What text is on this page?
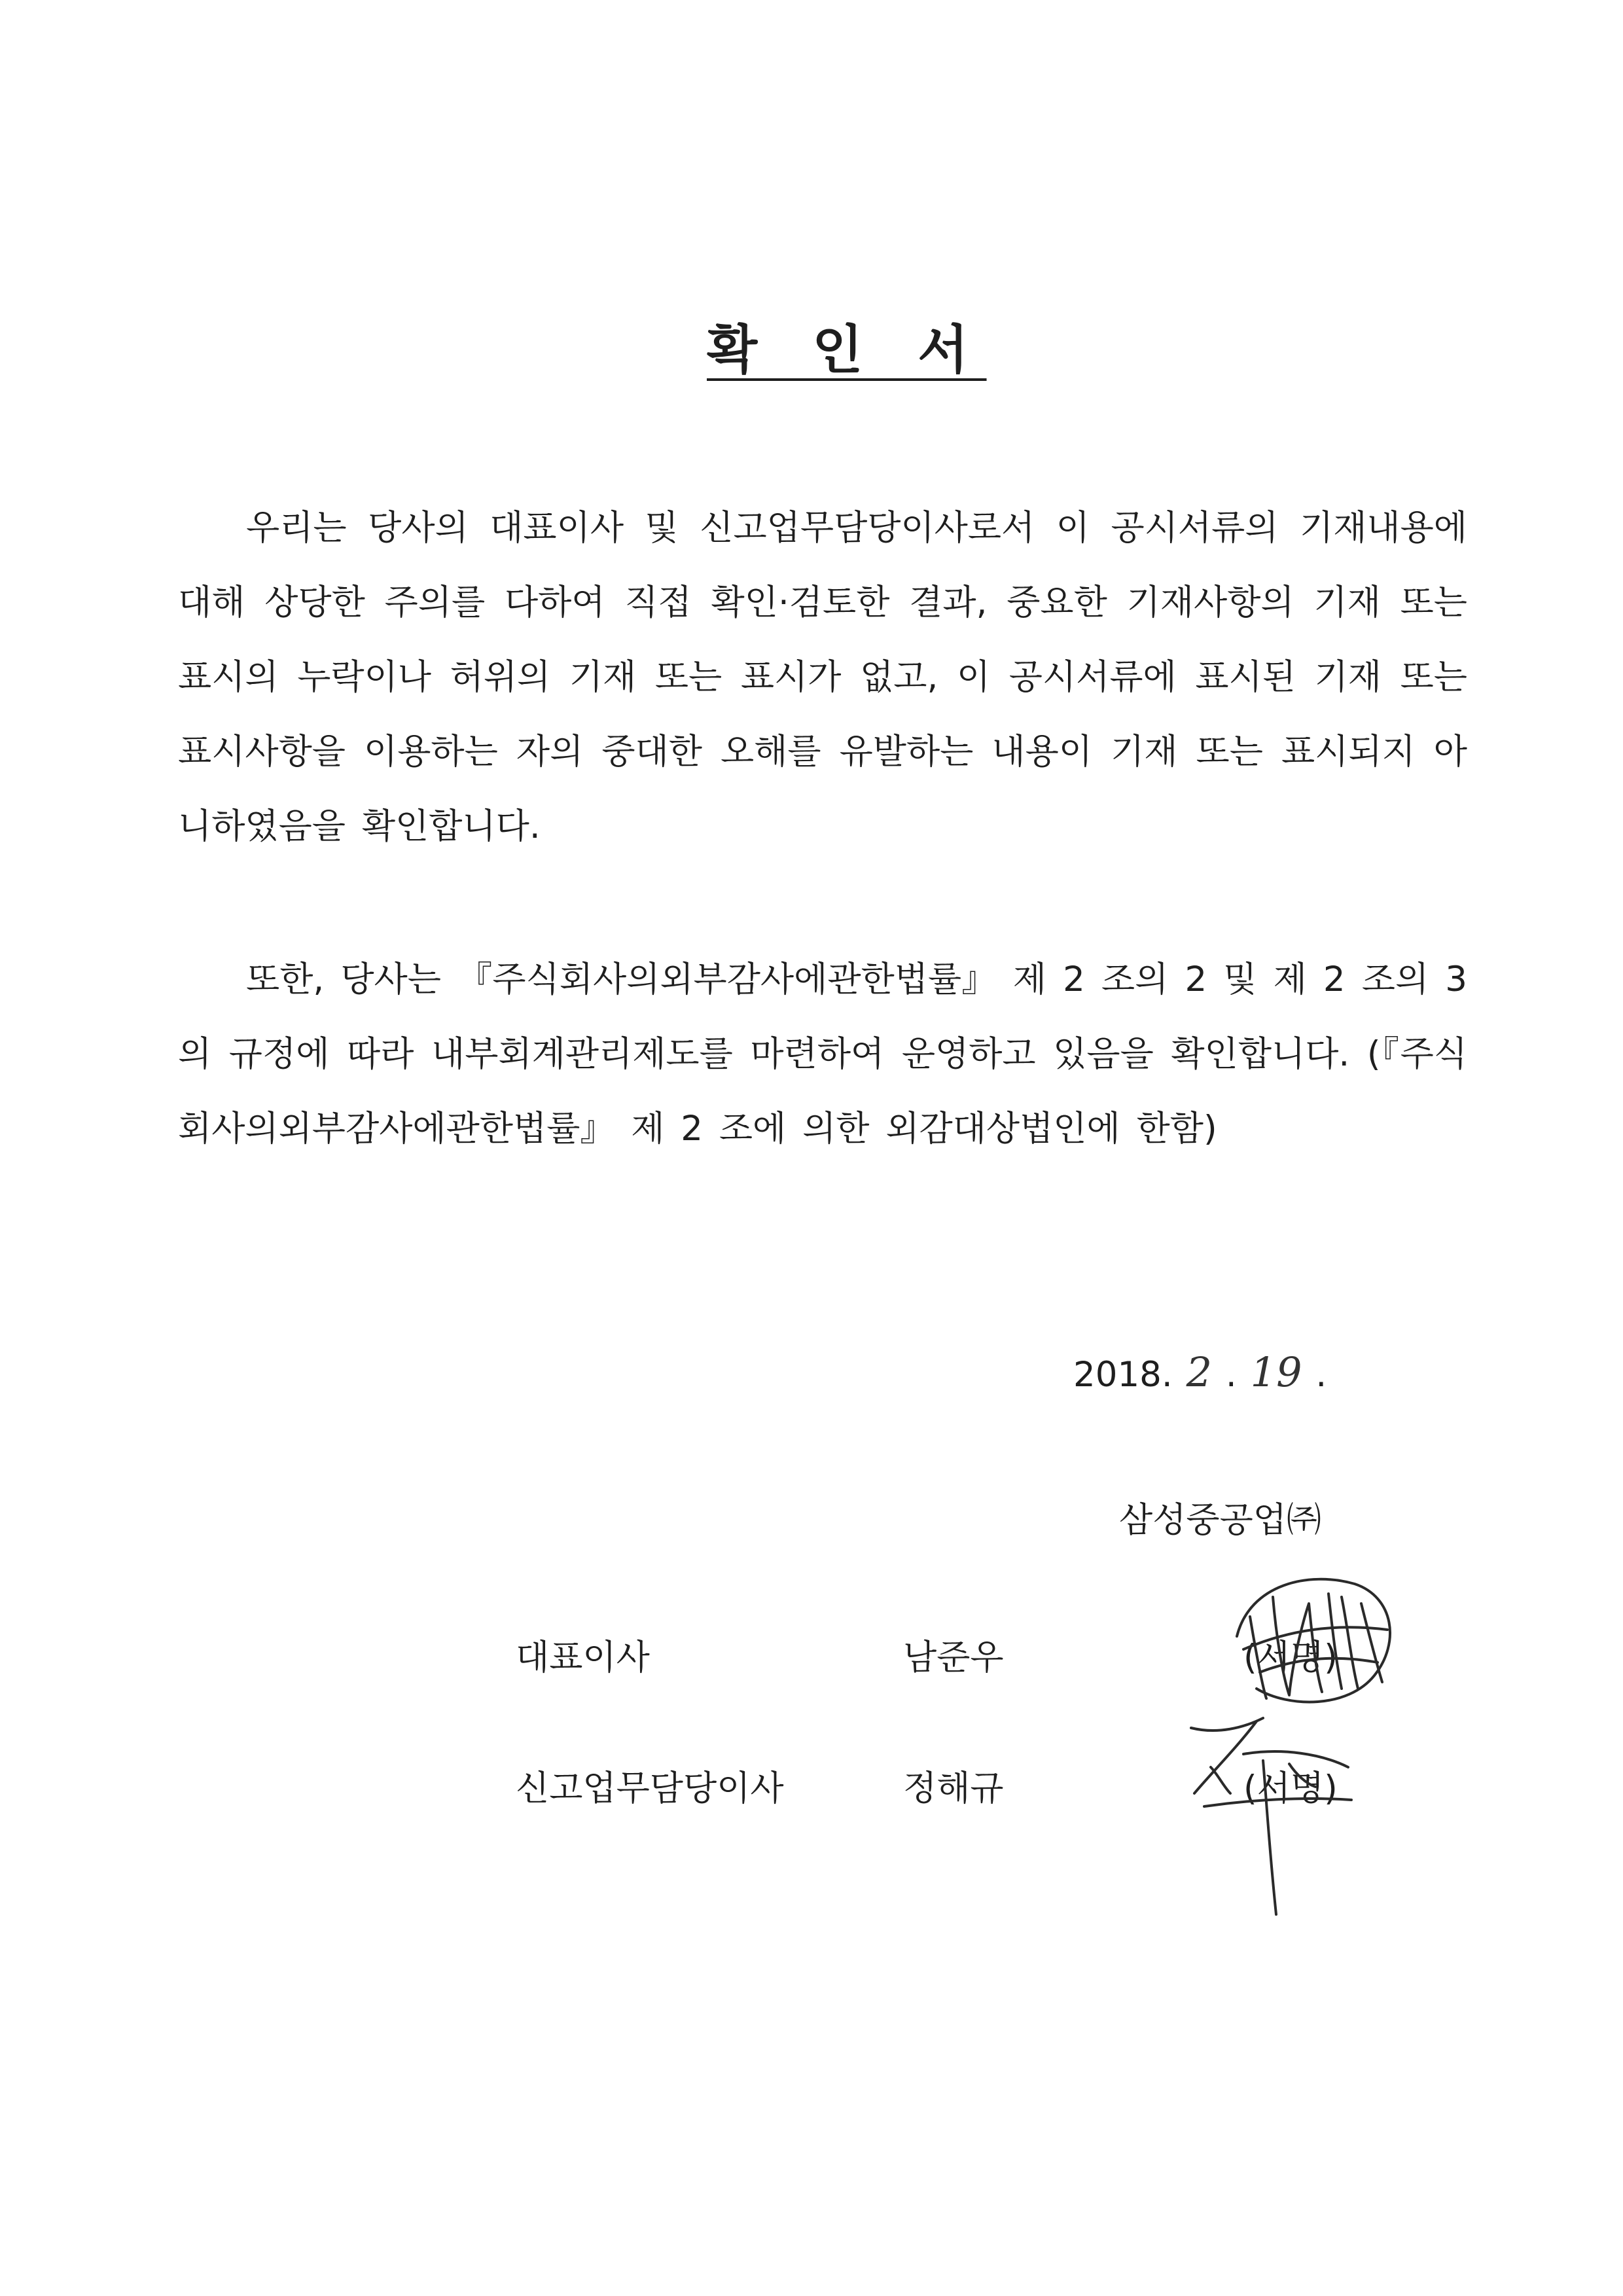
확 인 서
우리는 당사의 대표이사 및 신고업무담당이사로서 이 공시서류의 기재내용에 대해 상당한 주의를 다하여 직접 확인·검토한 결과, 중요한 기재사항의 기재 또는 표시의 누락이나 허위의 기재 또는 표시가 없고, 이 공시서류에 표시된 기재 또는 표시사항을 이용하는 자의 중대한 오해를 유발하는 내용이 기재 또는 표시되지 아니하였음을 확인합니다.
또한, 당사는 『주식회사의외부감사에관한법률』 제 2 조의 2 및 제 2 조의 3 의 규정에 따라 내부회계관리제도를 마련하여 운영하고 있음을 확인합니다. (『주식회사의외부감사에관한법률』 제 2 조에 의한 외감대상법인에 한함)
2018. 2 . 19 .
삼성중공업㈜
대표이사	남준우	(서명)
신고업무담당이사	정해규	(서명)
